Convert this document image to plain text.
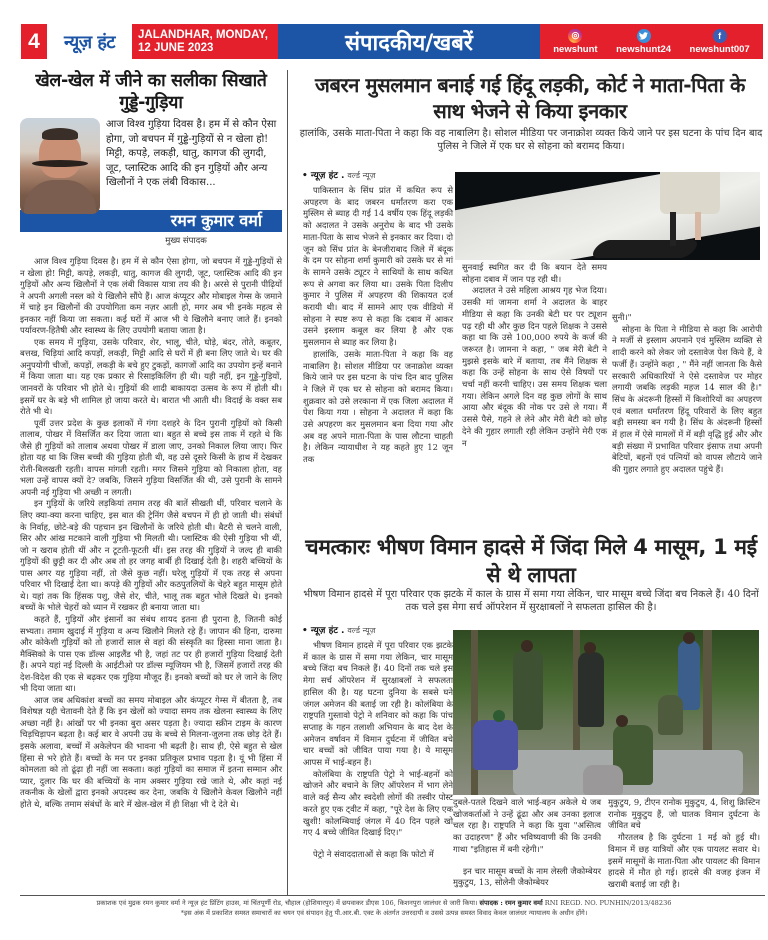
4	न्यूज़ हंट	JALANDHAR, MONDAY,
12 JUNE 2023	संपादकीय/खबरें	◎
newshunt newshunt24
f
newshunt007
खेल-खेल में जीने का सलीका सिखाते गुड्डे-गुड़िया

आज विश्व गुड़िया दिवस है। हम में से कौन ऐसा होगा, जो बचपन में गुड्डे-गुड़ियों से न खेला हो! मिट्टी, कपड़े, लकड़ी, धातु, कागज की लुगदी, जूट, प्लास्टिक आदि की इन गुड़ियों और अन्य खिलौनों ने एक लंबी विकास...

रमन कुमार वर्मा
मुख्य संपादक

आज विश्व गुड़िया दिवस है। हम में से कौन ऐसा होगा, जो बचपन में गुड्डे-गुड़ियों से न खेला हो! मिट्टी, कपड़े, लकड़ी, धातु, कागज की लुगदी, जूट, प्लास्टिक आदि की इन गुड़ियों और अन्य खिलौनों ने एक लंबी विकास यात्रा तय की है। अरसे से पुरानी पीढ़ियों ने अपनी अगली नस्ल को ये खिलौने सौंपे हैं। आज कंप्यूटर और मोबाइल गेम्स के जमाने में चाहे इन खिलौनों की उपयोगिता कम नज़र आती हो, मगर अब भी इनके महत्व से इनकार नहीं किया जा सकता। कई घरों में आज भी ये खिलौने बनाए जाते हैं। इनको पर्यावरण-हितैषी और स्वास्थ्य के लिए उपयोगी बताया जाता है।

एक समय में गुड़िया, उसके परिवार, शेर, भालू, चीते, घोड़े, बंदर, तोते, कबूतर, बत्तख, चिड़ियां आदि कपड़ों, लकड़ी, मिट्टी आदि से घरों में ही बना लिए जाते थे। घर की अनुपयोगी चीजों, कपड़ों, लकड़ी के बचे हुए टुकड़ों, कागजों आदि का उपयोग इन्हें बनाने में किया जाता था। यह एक प्रकार से रिसाइकिलिंग ही थी। यही नहीं, इन गुड्डे-गुड़ियों, जानवरों के परिवार भी होते थे। गुड़ियों की शादी बाकायदा उत्सव के रूप में होती थी। इसमें घर के बड़े भी शामिल हो जाया करते थे। बारात भी आती थी। विदाई के वक्त सब रोते भी थे।

पूर्वी उत्तर प्रदेश के कुछ इलाकों में गंगा दशहरे के दिन पुरानी गुड़ियों को किसी तालाब, पोखर में विसर्जित कर दिया जाता था। बहुत से बच्चे इस ताक में रहते थे कि जैसे ही गुड़ियों को तालाब अथवा पोखर में डाला जाए, उनको निकाल लिया जाए। फिर होता यह था कि जिस बच्ची की गुड़िया होती थी, वह उसे दूसरे किसी के हाथ में देखकर रोती-बिलखती रहती। वापस मांगती रहती। मगर जिसने गुड़िया को निकाला होता, वह भला उन्हें वापस क्यों दे? जबकि, जिसने गुड़िया विसर्जित की थी, उसे पुरानी के सामने अपनी नई गुड़िया भी अच्छी न लगती।

इन गुड़ियों के जरिये लड़कियां तमाम तरह की बातें सीखती थीं, परिवार चलाने के लिए क्या-क्या करना चाहिए, इस बात की ट्रेनिंग जैसे बचपन में ही हो जाती थी। संबंधों के निर्वाह, छोटे-बड़े की पहचान इन खिलौनों के जरिये होती थी। बैटरी से चलने वाली, सिर और आंख मटकाने वाली गुड़िया भी मिलती थी। प्लास्टिक की ऐसी गुड़िया भी थीं, जो न खराब होती थीं और न टूटती-फूटती थीं। इस तरह की गुड़ियों ने जल्द ही बाकी गुड़ियों की छुट्टी कर दी और अब तो हर जगह बार्बी ही दिखाई देती है। शहरी बच्चियों के पास अगर यह गुड़िया नहीं, तो जैसे कुछ नहीं। घरेलू गुड़ियों में एक तरह से अपना परिवार भी दिखाई देता था। कपड़े की गुड़ियों और कठपुतलियों के चेहरे बहुत मासूम होते थे। यहां तक कि हिंसक पशु, जैसे शेर, चीते, भालू तक बहुत भोले दिखते थे। इनको बच्चों के भोले चेहरों को ध्यान में रखकर ही बनाया जाता था।

कहते हैं, गुड़ियों और इंसानों का संबंध शायद इतना ही पुराना है, जितनी कोई सभ्यता। तमाम खुदाई में गुड़िया व अन्य खिलौने मिलते रहे हैं। जापान की हिना, दारुमा और कोकेशी गुड़ियों को तो हजारों साल से वहां की संस्कृति का हिस्सा माना जाता है। मैक्सिको के पास एक डॉल्स आइलैंड भी है, जहां तट पर ही हजारों गुड़िया दिखाई देती हैं। अपने यहां नई दिल्ली के आईटीओ पर डॉल्स म्यूजियम भी है, जिसमें हजारों तरह की देश-विदेश की एक से बढ़कर एक गुड़िया मौजूद हैं। इनको बच्चों को घर ले जाने के लिए भी दिया जाता था।

आज जब अधिकांश बच्चों का समय मोबाइल और कंप्यूटर गेम्स में बीतता है, तब विशेषज्ञ यही चेतावनी देते हैं कि इन खेलों को ज्यादा समय तक खेलना स्वास्थ्य के लिए अच्छा नहीं है। आंखों पर भी इनका बुरा असर पड़ता है। ज्यादा स्क्रीन टाइम के कारण चिड़चिड़ापन बढ़ता है। कई बार वे अपनी उम्र के बच्चे से मिलना-जुलना तक छोड़ देते हैं। इसके अलावा, बच्चों में अकेलेपन की भावना भी बढ़ती है। साथ ही, ऐसे बहुत से खेल हिंसा से भरे होते हैं। बच्चों के मन पर इनका प्रतिकूल प्रभाव पड़ता है। यूं भी हिंसा में कोमलता को तो ढूंढ़ा ही नहीं जा सकता। कहां गुड़ियों का समाज में इतना सम्मान और प्यार, दुलार कि घर की बच्चियों के नाम अक्सर गुड़िया रखे जाते थे, और कहां नई तकनीक के खेलों द्वारा इनको अपदस्थ कर देना, जबकि ये खिलौने केवल खिलौने नहीं होते थे, बल्कि तमाम संबंधों के बारे में खेल-खेल में ही शिक्षा भी दे देते थे।

जबरन मुसलमान बनाई गई हिंदू लड़की, कोर्ट ने माता-पिता के साथ भेजने से किया इनकार

हालांकि, उसके माता-पिता ने कहा कि वह नाबालिग है। सोशल मीडिया पर जनाक्रोश व्यक्त किये जाने पर इस घटना के पांच दिन बाद पुलिस ने जिले में एक घर से सोहना को बरामद किया।

• न्यूज़ हंट . वर्ल्ड न्यूज़

पाकिस्तान के सिंध प्रांत में कथित रूप से अपहरण के बाद जबरन धर्मांतरण करा एक मुस्लिम से ब्याह दी गई 14 वर्षीय एक हिंदू लड़की को अदालत ने उसके अनुरोध के बाद भी उसके माता-पिता के साथ भेजने से इनकार कर दिया। दो जून को सिंध प्रांत के बेनजीराबाद जिले में बंदूक के दम पर सोहना शर्मा कुमारी को उसके घर से मां के सामने उसके ट्यूटर ने साथियों के साथ कथित रूप से अगवा कर लिया था। उसके पिता दिलीप कुमार ने पुलिस में अपहरण की शिकायत दर्ज करायी थी। बाद में सामने आए एक वीडियो में सोहना ने स्पष्ट रूप से कहा कि दबाव में आकर उसने इस्लाम कबूल कर लिया है और एक मुसलमान से ब्याह कर लिया है।

हालांकि, उसके माता-पिता ने कहा कि वह नाबालिग है। सोशल मीडिया पर जनाक्रोश व्यक्त किये जाने पर इस घटना के पांच दिन बाद पुलिस ने जिले में एक घर से सोहना को बरामद किया। शुक्रवार को उसे लरकाना में एक जिला अदालत में पेश किया गया । सोहना ने अदालत में कहा कि उसे अपहरण कर मुसलमान बना दिया गया और अब वह अपने माता-पिता के पास लौटना चाहती है। लेकिन न्यायाधीश ने यह कहते हुए 12 जून तक

सुनवाई स्थगित कर दी कि बयान देते समय सोहना दबाव में जान पड़ रही थी।

अदालत ने उसे महिला आश्रय गृह भेज दिया। उसकी मां जामना शर्मा ने अदालत के बाहर मीडिया से कहा कि उनकी बेटी घर पर ट्यूशन पढ़ रही थी और कुछ दिन पहले शिक्षक ने उससे कहा था कि उसे 100,000 रुपये के कर्ज की जरूरत है। जामना ने कहा, " जब मेरी बेटी ने मुझसे इसके बारे में बताया, तब मैंने शिक्षक से कहा कि उन्हें सोहना के साथ ऐसे विषयों पर चर्चा नहीं करनी चाहिए। उस समय शिक्षक चला गया। लेकिन अगले दिन वह कुछ लोगों के साथ आया और बंदूक की नोक पर उसे ले गया। मैं उससे पैसे, गहने ले लेने और मेरी बेटी को छोड़ देने की गुहार लगाती रही लेकिन उन्होंने मेरी एक न

सुनी।"

सोहना के पिता ने मीडिया से कहा कि आरोपी ने मर्जी से इस्लाम अपनाने एवं मुस्लिम व्यक्ति से शादी करने को लेकर जो दस्तावेज पेश किये हैं, वे फर्जी हैं। उन्होंने कहा , " मैंने नहीं जानता कि कैसे सरकारी अधिकारियों ने ऐसे दस्तावेज पर मोहर लगायी जबकि लड़की महज 14 साल की है।" सिंध के अंदरूनी हिस्सों में किशोरियों का अपहरण एवं बलात धर्मांतरण हिंदू परिवारों के लिए बहुत बड़ी समस्या बन गयी है। सिंध के अंदरूनी हिस्सों में हाल में ऐसे मामलों में में बड़ी वृद्धि हुई और और बड़ी संख्या में प्रभावित परिवार इंसाफ तथा अपनी बेटियों, बहनों एवं पत्नियों को वापस लौटाये जाने की गुहार लगाते हुए अदालत पहुंचे हैं।

चमत्कारः भीषण विमान हादसे में जिंदा मिले 4 मासूम, 1 मई से थे लापता

भीषण विमान हादसे में पूरा परिवार एक झटके में काल के ग्रास में समा गया लेकिन, चार मासूम बच्चे जिंदा बच निकले हैं। 40 दिनों तक चले इस मेगा सर्च ऑपरेशन में सुरक्षाबलों ने सफलता हासिल की है।

• न्यूज़ हंट . वर्ल्ड न्यूज़

भीषण विमान हादसे में पूरा परिवार एक झटके में काल के ग्रास में समा गया लेकिन, चार मासूम बच्चे जिंदा बच निकले हैं। 40 दिनों तक चले इस मेगा सर्च ऑपरेशन में सुरक्षाबलों ने सफलता हासिल की है। यह घटना दुनिया के सबसे घने जंगल अमेजन की बताई जा रही है। कोलंबिया के राष्ट्रपति गुस्तावो पेट्रो ने शनिवार को कहा कि पांच सप्ताह के गहन तलाशी अभियान के बाद देश के अमेजन वर्षावन में विमान दुर्घटना में जीवित बचे चार बच्चों को जीवित पाया गया है। ये मासूम आपस में भाई-बहन हैं।

कोलंबिया के राष्ट्रपति पेट्रो ने भाई-बहनों को खोजने और बचाने के लिए ऑपरेशन में भाग लेने वाले कई सैन्य और स्वदेशी लोगों की तस्वीर पोस्ट करते हुए एक ट्वीट में कहा, "पूरे देश के लिए एक खुशी! कोलम्बियाई जंगल में 40 दिन पहले खो गए 4 बच्चे जीवित दिखाई दिए।"

पेट्रो ने संवाददाताओं से कहा कि फोटो में

दुबले-पतले दिखने वाले भाई-बहन अकेले थे जब खोजकर्ताओं ने उन्हें ढूंढा और अब उनका इलाज चल रहा है। राष्ट्रपति ने कहा कि युवा "अस्तित्व का उदाहरण" हैं और भविष्यवाणी की कि उनकी गाथा "इतिहास में बनी रहेगी।"

इन चार मासूम बच्चों के नाम लेस्ली जैकोम्बेयर मुकुटुय, 13, सोलेनी जैकोम्बेयर

मुकुटुय, 9, टीएन रानोक मुकुटुय, 4, शिशु क्रिस्टिन रानोक मुकुटुय हैं, जो घातक विमान दुर्घटना के जीवित बचे

गौरतलब है कि दुर्घटना 1 मई को हुई थी। विमान में छह यात्रियों और एक पायलट सवार थे। इसमें मासूमों के माता-पिता और पायलट की विमान हादसे में मौत हो गई। हादसे की वजह इंजन में खराबी बताई जा रही है।

प्रकाशक एवं मुद्रक रमन कुमार वर्मा ने न्यूज़ हंट प्रिंटिंग हाउस, मां चिंतपूर्णी रोड, चौहाल (होशियारपुर) में छपवाकर डीएस 106, किशनपुरा जालंधर से जारी किया। संपादक : रमन कुमार वर्मा RNI REGD. NO. PUNHIN/2013/48236
*इस अंक में प्रकाशित समस्त समाचारों का चयन एवं संपादन हेतु पी.आर.बी. एक्ट के अंतर्गत उत्तरदायी व उससे उत्पन्न समस्त विवाद केवल जालंधर न्यायालय के अधीन होंगे।
